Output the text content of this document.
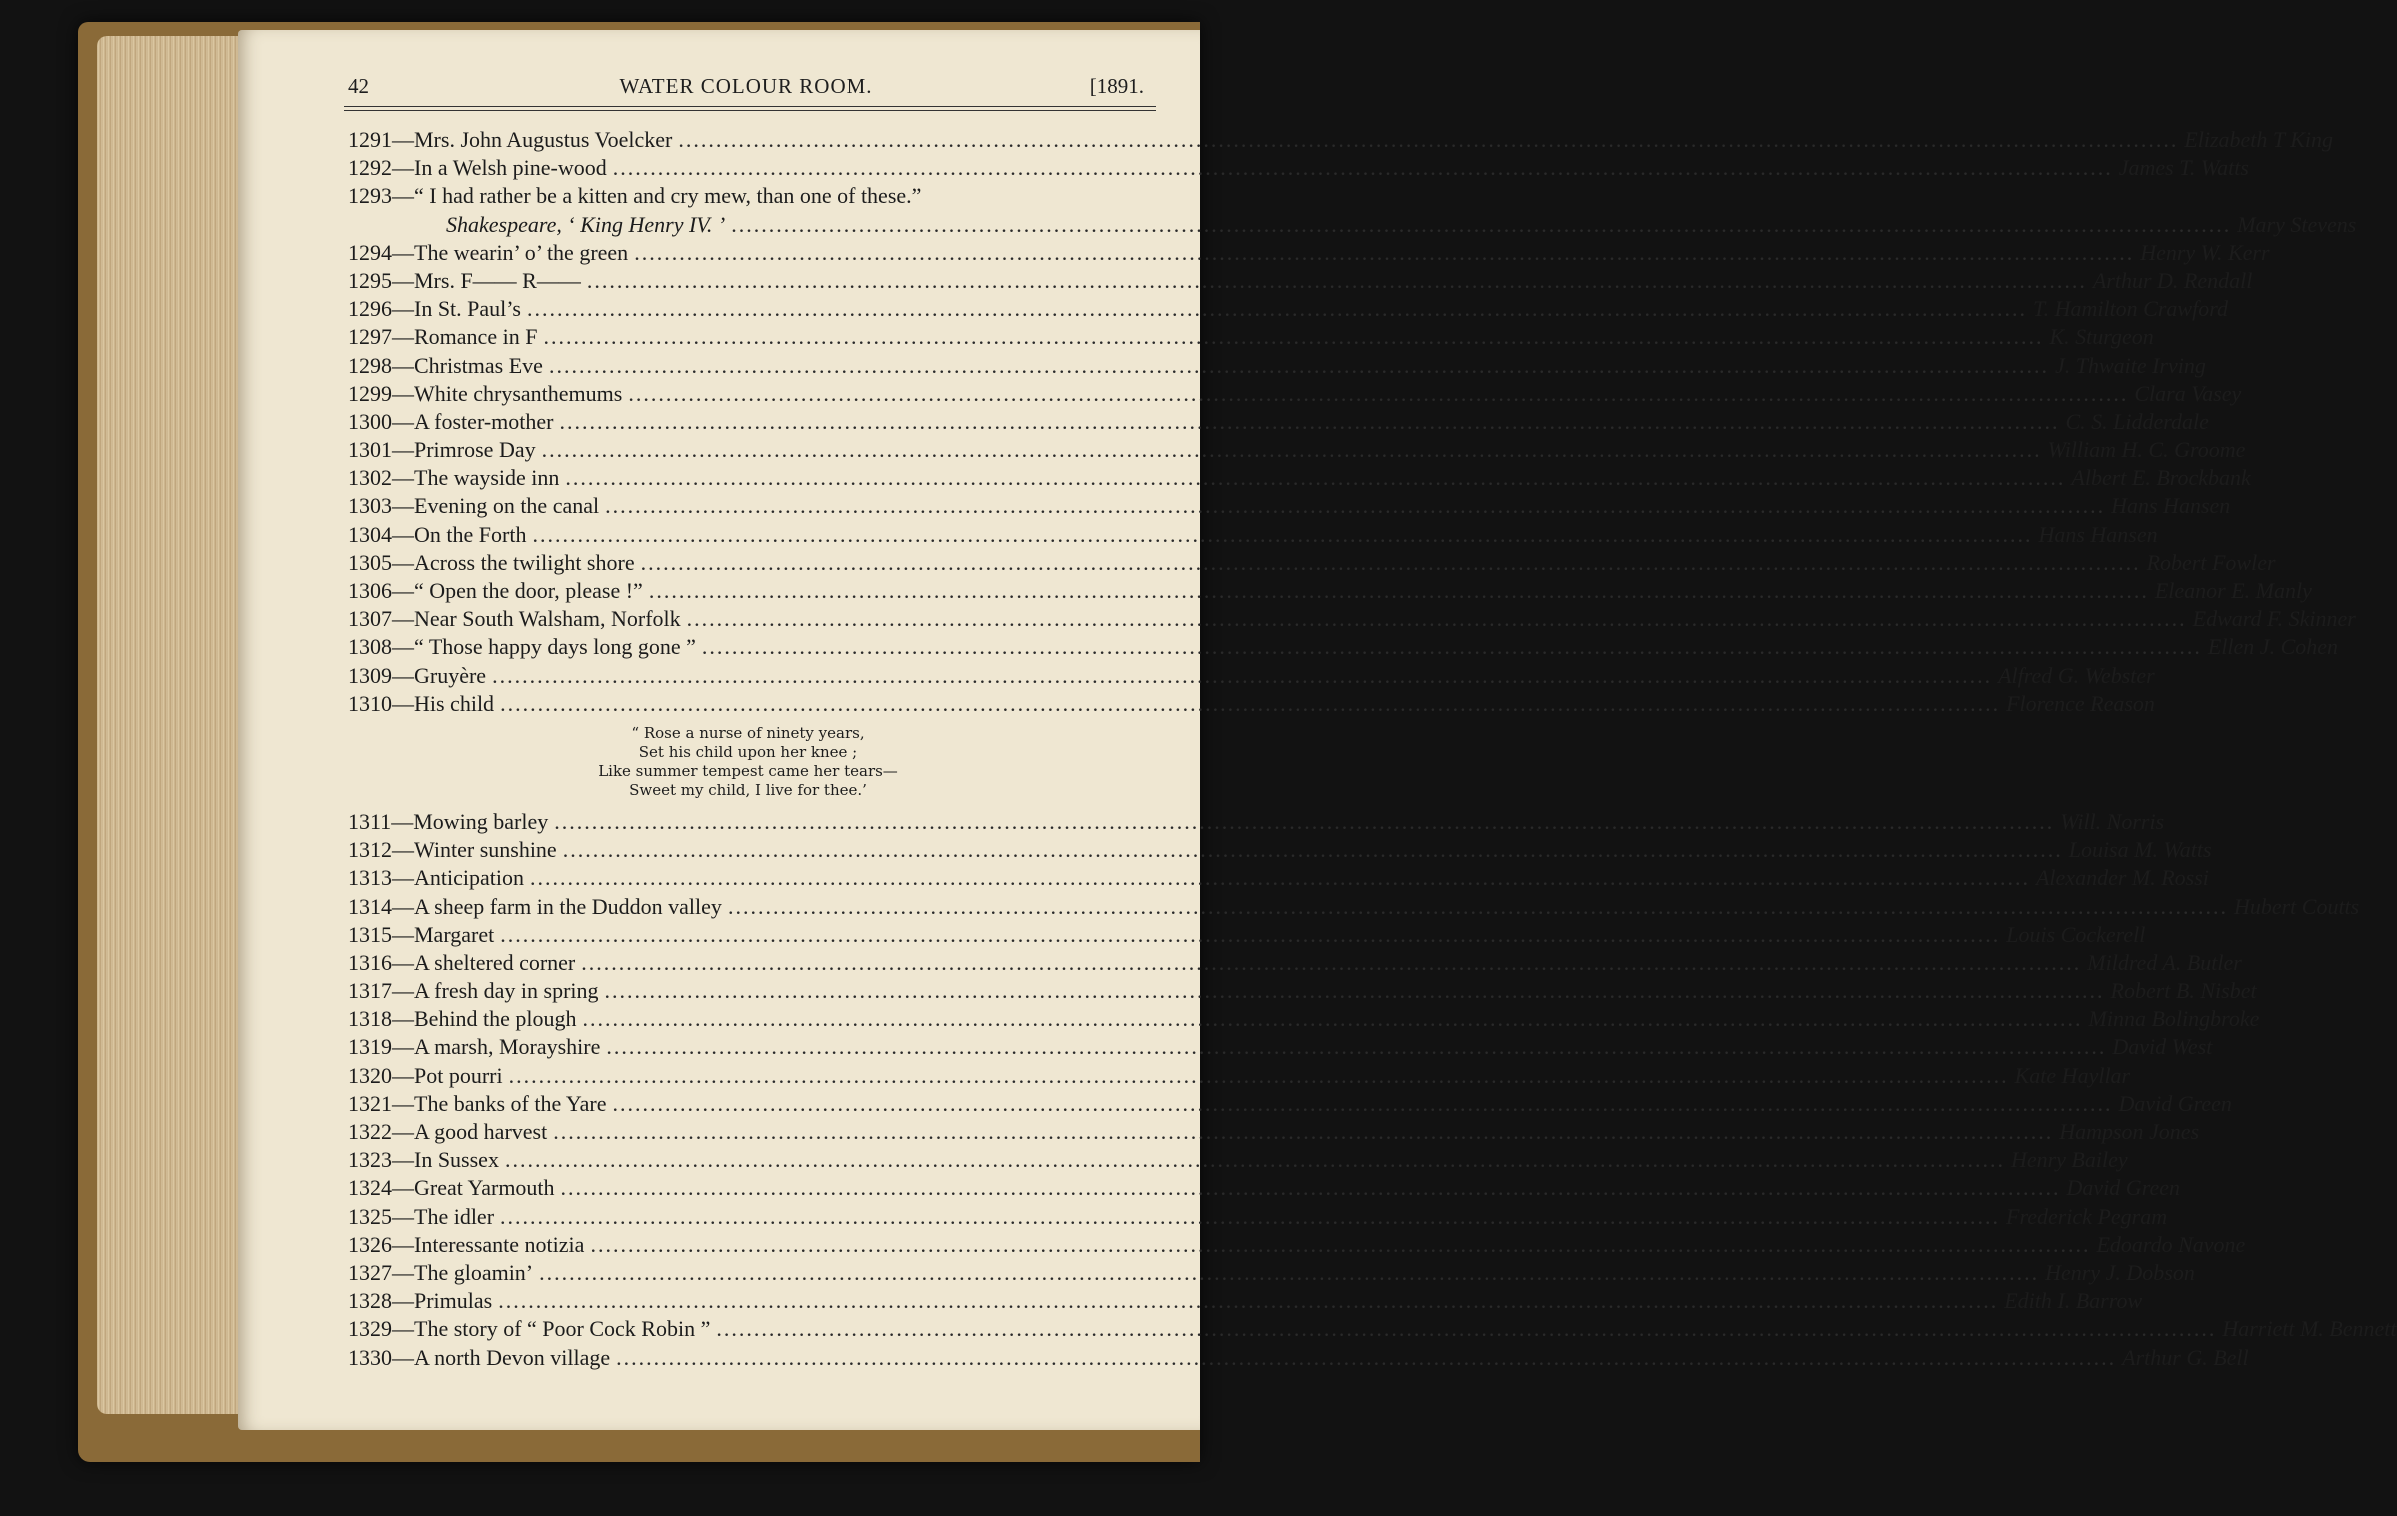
42	WATER COLOUR ROOM.	[1891.
1291 — Mrs. John Augustus Voelcker ........................................................................................................................................................................................................ Elizabeth T King
1292 — In a Welsh pine-wood ........................................................................................................................................................................................................ James T. Watts
1293 — “ I had rather be a kitten and cry mew, than one of these.”
Shakespeare, ‘ King Henry IV. ’ ........................................................................................................................................................................................................ Mary Stevens
1294 — The wearin’ o’ the green ........................................................................................................................................................................................................ Henry W. Kerr
1295 — Mrs. F—— R—— ........................................................................................................................................................................................................ Arthur D. Rendall
1296 — In St. Paul’s ........................................................................................................................................................................................................ T. Hamilton Crawford
1297 — Romance in F ........................................................................................................................................................................................................ K. Sturgeon
1298 — Christmas Eve ........................................................................................................................................................................................................ J. Thwaite Irving
1299 — White chrysanthemums ........................................................................................................................................................................................................ Clara Vasey
1300 — A foster-mother ........................................................................................................................................................................................................ C. S. Lidderdale
1301 — Primrose Day ........................................................................................................................................................................................................ William H. C. Groome
1302 — The wayside inn ........................................................................................................................................................................................................ Albert E. Brockbank
1303 — Evening on the canal ........................................................................................................................................................................................................ Hans Hansen
1304 — On the Forth ........................................................................................................................................................................................................ Hans Hansen
1305 — Across the twilight shore ........................................................................................................................................................................................................ Robert Fowler
1306 — “ Open the door, please !” ........................................................................................................................................................................................................ Eleanor E. Manly
1307 — Near South Walsham, Norfolk ........................................................................................................................................................................................................ Edward F. Skinner
1308 — “ Those happy days long gone ” ........................................................................................................................................................................................................ Ellen J. Cohen
1309 — Gruyère ........................................................................................................................................................................................................ Alfred G. Webster
1310 — His child ........................................................................................................................................................................................................ Florence Reason
“ Rose a nurse of ninety years,
Set his child upon her knee ;
Like summer tempest came her tears—
Sweet my child, I live for thee.’
1311 — Mowing barley ........................................................................................................................................................................................................ Will. Norris
1312 — Winter sunshine ........................................................................................................................................................................................................ Louisa M. Watts
1313 — Anticipation ........................................................................................................................................................................................................ Alexander M. Rossi
1314 — A sheep farm in the Duddon valley ........................................................................................................................................................................................................ Hubert Coutts
1315 — Margaret ........................................................................................................................................................................................................ Louis Cockerell
1316 — A sheltered corner ........................................................................................................................................................................................................ Mildred A. Butler
1317 — A fresh day in spring ........................................................................................................................................................................................................ Robert B. Nisbet
1318 — Behind the plough ........................................................................................................................................................................................................ Minna Bolingbroke
1319 — A marsh, Morayshire ........................................................................................................................................................................................................ David West
1320 — Pot pourri ........................................................................................................................................................................................................ Kate Hayllar
1321 — The banks of the Yare ........................................................................................................................................................................................................ David Green
1322 — A good harvest ........................................................................................................................................................................................................ Hampson Jones
1323 — In Sussex ........................................................................................................................................................................................................ Henry Bailey
1324 — Great Yarmouth ........................................................................................................................................................................................................ David Green
1325 — The idler ........................................................................................................................................................................................................ Frederick Pegram
1326 — Interessante notizia ........................................................................................................................................................................................................ Edoardo Navone
1327 — The gloamin’ ........................................................................................................................................................................................................ Henry J. Dobson
1328 — Primulas ........................................................................................................................................................................................................ Edith I. Barrow
1329 — The story of “ Poor Cock Robin ” ........................................................................................................................................................................................................ Harriett M. Bennett
1330 — A north Devon village ........................................................................................................................................................................................................ Arthur G. Bell
